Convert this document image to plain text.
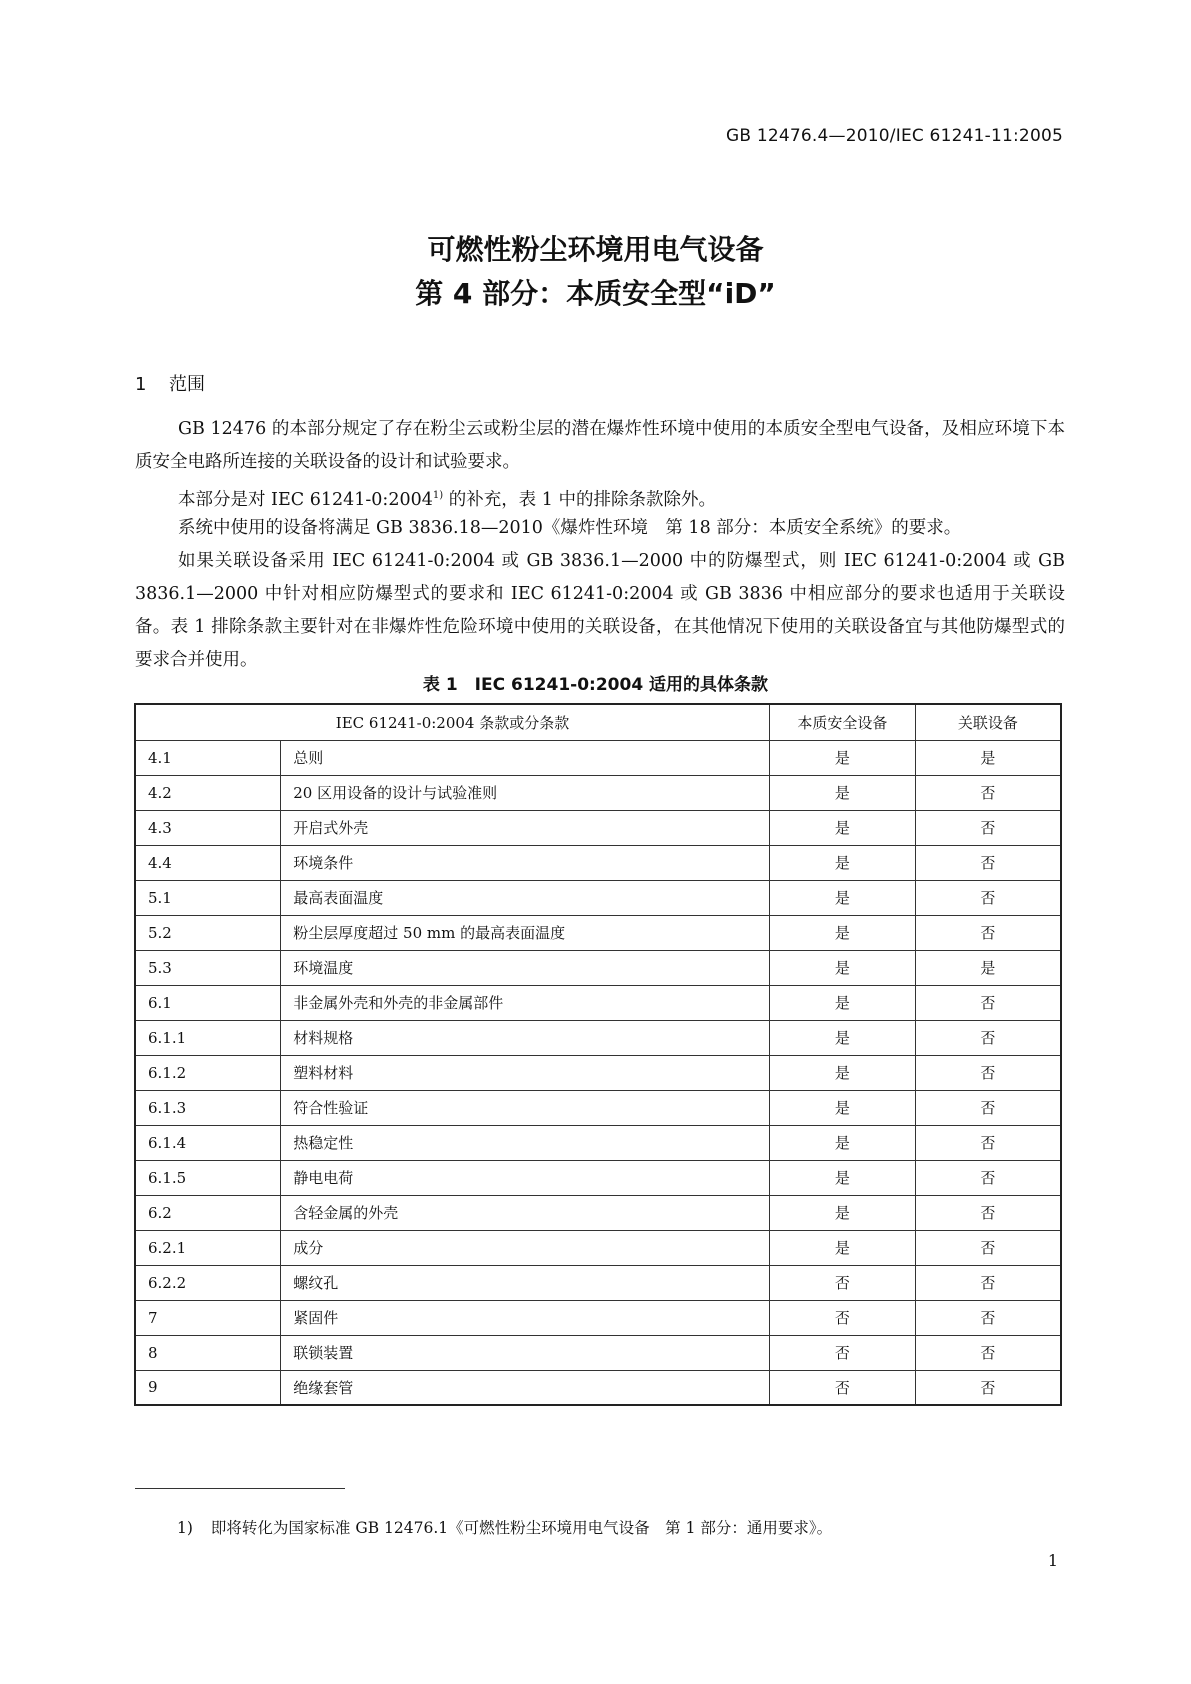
GB 12476.4—2010/IEC 61241-11:2005
可燃性粉尘环境用电气设备
第 4 部分：本质安全型“iD”
1 范围
GB 12476 的本部分规定了存在粉尘云或粉尘层的潜在爆炸性环境中使用的本质安全型电气设备，及相应环境下本质安全电路所连接的关联设备的设计和试验要求。
本部分是对 IEC 61241-0:2004$^{1)}$ 的补充，表 1 中的排除条款除外。
系统中使用的设备将满足 GB 3836.18—2010《爆炸性环境　第 18 部分：本质安全系统》的要求。
如果关联设备采用 IEC 61241-0:2004 或 GB 3836.1—2000 中的防爆型式，则 IEC 61241-0:2004 或 GB 3836.1—2000 中针对相应防爆型式的要求和 IEC 61241-0:2004 或 GB 3836 中相应部分的要求也适用于关联设备。表 1 排除条款主要针对在非爆炸性危险环境中使用的关联设备，在其他情况下使用的关联设备宜与其他防爆型式的要求合并使用。
表 1　IEC 61241-0:2004 适用的具体条款
IEC 61241-0:2004 条款或分条款		本质安全设备	关联设备
4.1	总则	是	是
4.2	20 区用设备的设计与试验准则	是	否
4.3	开启式外壳	是	否
4.4	环境条件	是	否
5.1	最高表面温度	是	否
5.2	粉尘层厚度超过 50 mm 的最高表面温度	是	否
5.3	环境温度	是	是
6.1	非金属外壳和外壳的非金属部件	是	否
6.1.1	材料规格	是	否
6.1.2	塑料材料	是	否
6.1.3	符合性验证	是	否
6.1.4	热稳定性	是	否
6.1.5	静电电荷	是	否
6.2	含轻金属的外壳	是	否
6.2.1	成分	是	否
6.2.2	螺纹孔	否	否
7	紧固件	否	否
8	联锁装置	否	否
9	绝缘套管	否	否
1) 即将转化为国家标准 GB 12476.1《可燃性粉尘环境用电气设备　第 1 部分：通用要求》。
1
